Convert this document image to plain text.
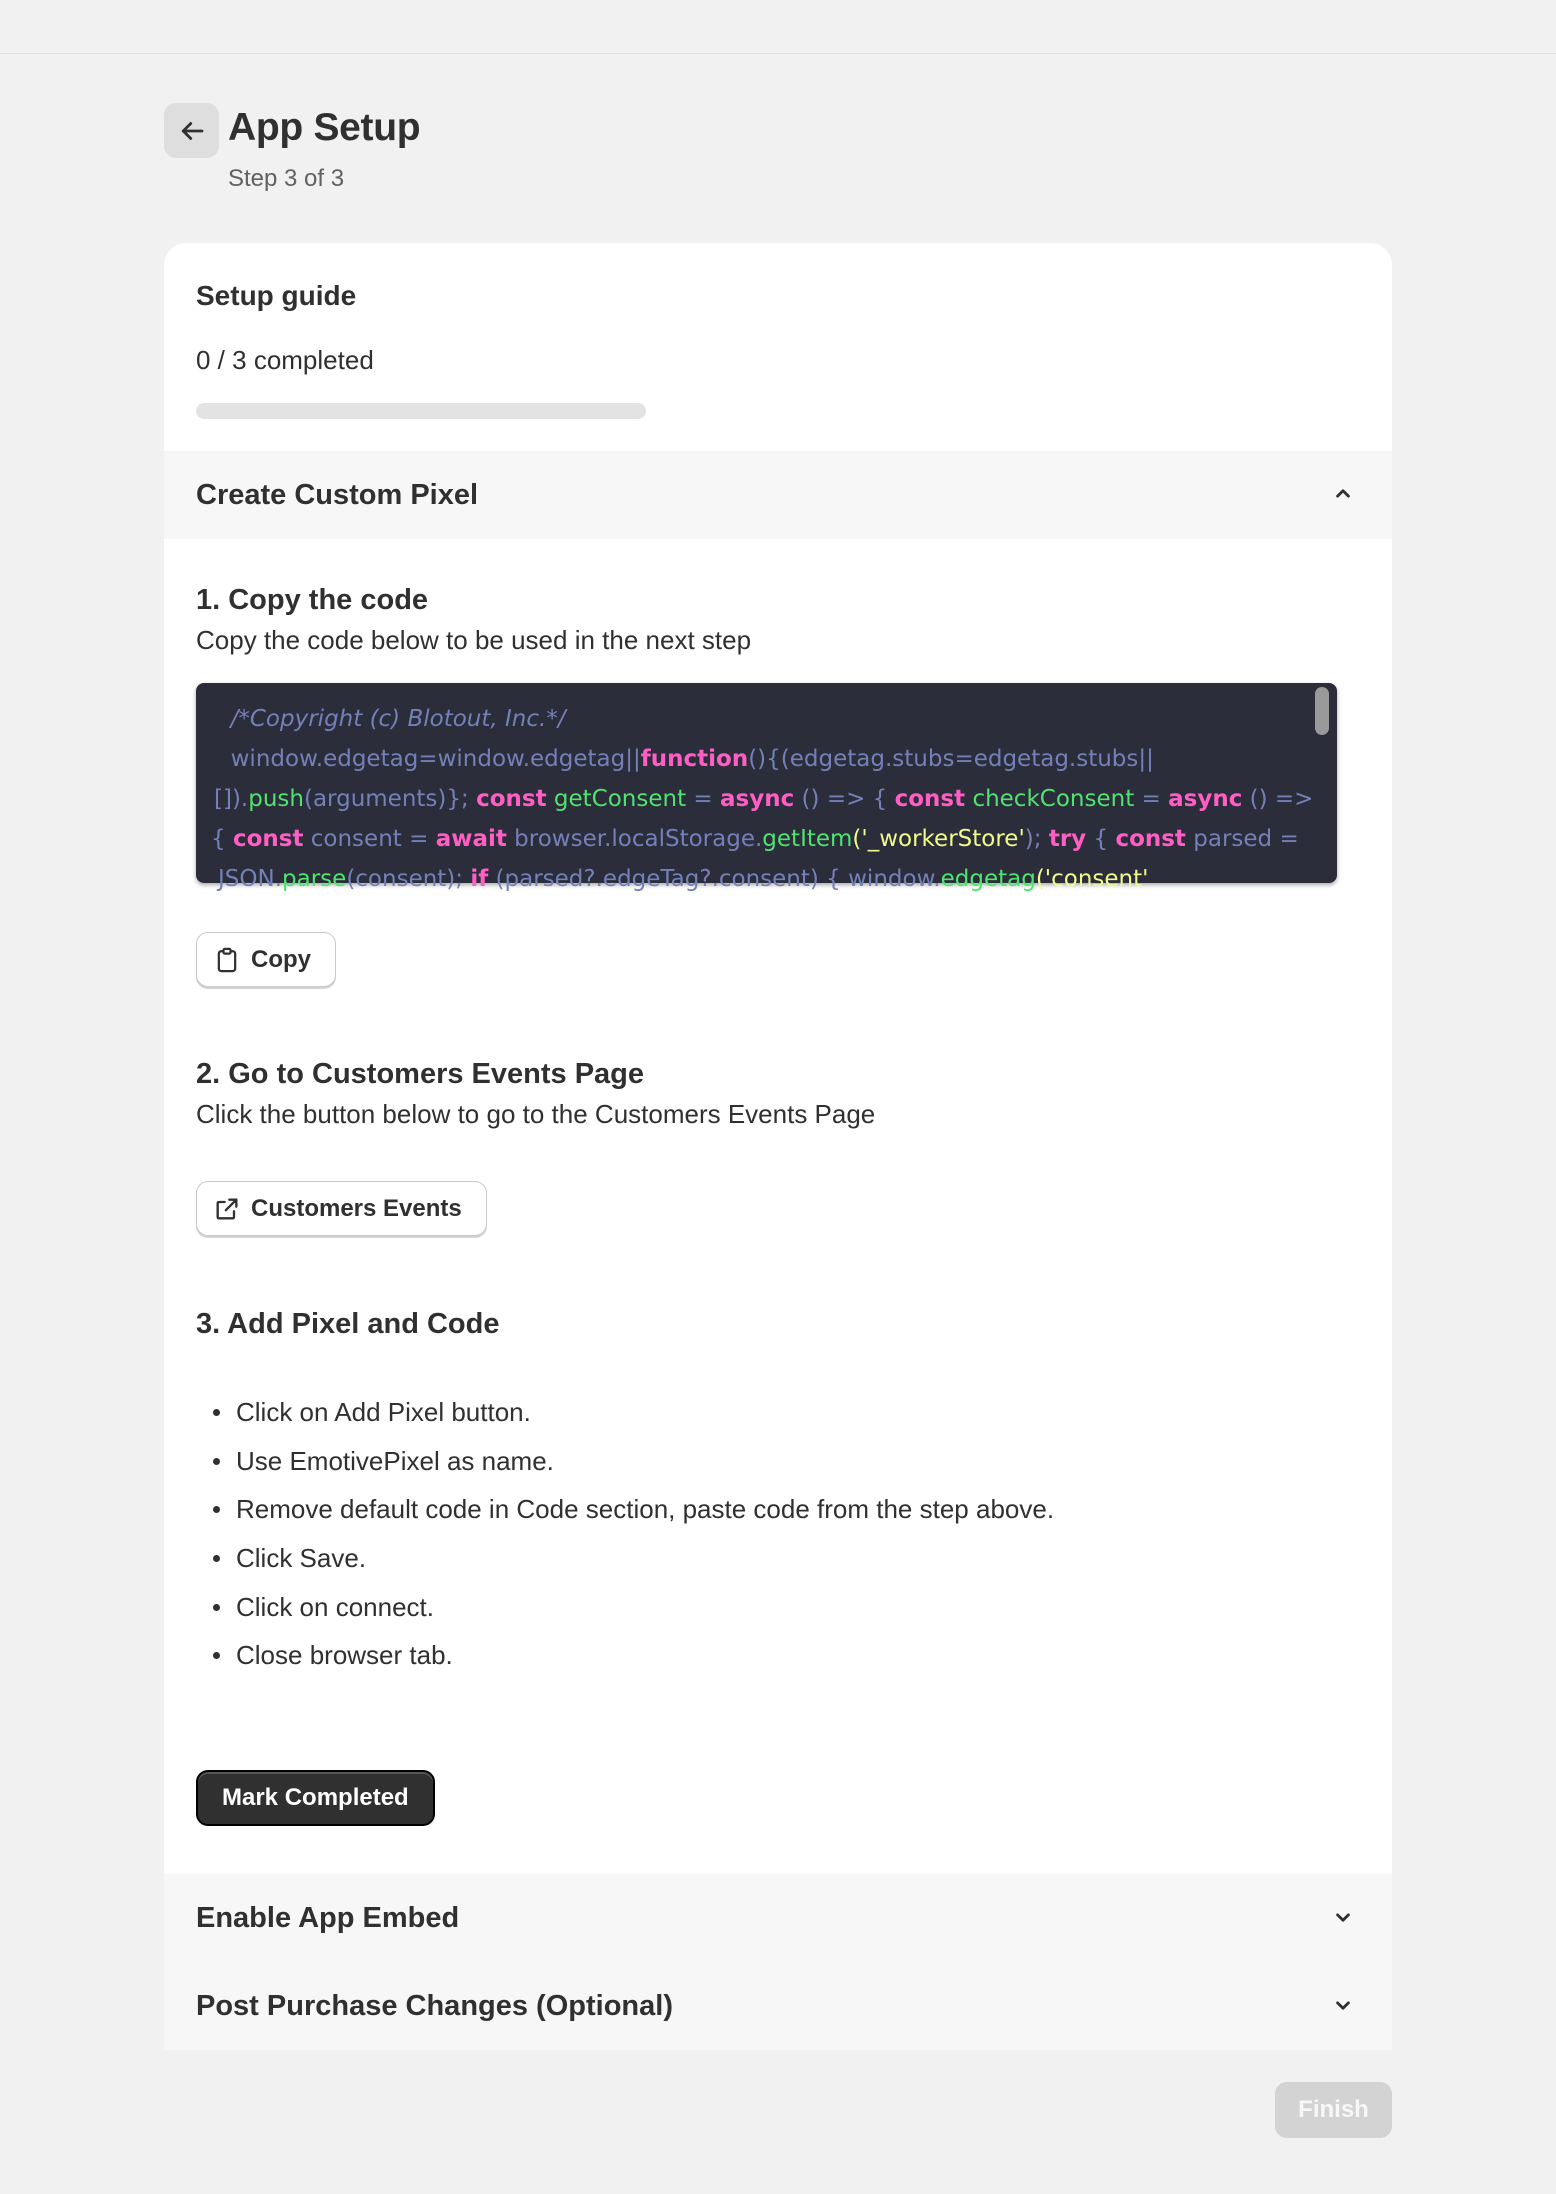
App Setup
Step 3 of 3
Setup guide
0 / 3 completed
Create Custom Pixel
1. Copy the code
Copy the code below to be used in the next step
/*Copyright (c) Blotout, Inc.*/
window.edgetag=window.edgetag||function(){(edgetag.stubs=edgetag.stubs||
[]).push(arguments)}; const getConsent = async () => { const checkConsent = async () =>
{ const consent = await browser.localStorage.getItem('_workerStore'); try { const parsed =
JSON.parse(consent); if (parsed?.edgeTag?.consent) { window.edgetag('consent'
Copy
2. Go to Customers Events Page
Click the button below to go to the Customers Events Page
Customers Events
3. Add Pixel and Code
Click on Add Pixel button.
Use EmotivePixel as name.
Remove default code in Code section, paste code from the step above.
Click Save.
Click on connect.
Close browser tab.
Mark Completed
Enable App Embed
Post Purchase Changes (Optional)
Finish
